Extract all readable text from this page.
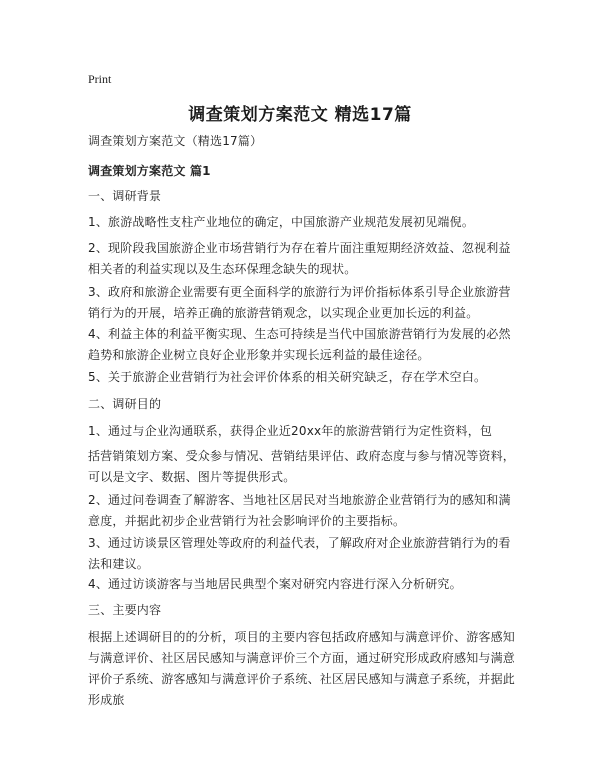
Print
调查策划方案范文 精选17篇
调查策划方案范文（精选17篇）
调查策划方案范文 篇1
一、调研背景
1、旅游战略性支柱产业地位的确定，中国旅游产业规范发展初见端倪。
2、现阶段我国旅游企业市场营销行为存在着片面注重短期经济效益、忽视利益相关者的利益实现以及生态环保理念缺失的现状。
3、政府和旅游企业需要有更全面科学的旅游行为评价指标体系引导企业旅游营销行为的开展，培养正确的旅游营销观念，以实现企业更加长远的利益。
4、利益主体的利益平衡实现、生态可持续是当代中国旅游营销行为发展的必然趋势和旅游企业树立良好企业形象并实现长远利益的最佳途径。
5、关于旅游企业营销行为社会评价体系的相关研究缺乏，存在学术空白。
二、调研目的
1、通过与企业沟通联系，获得企业近20xx年的旅游营销行为定性资料，包
括营销策划方案、受众参与情况、营销结果评估、政府态度与参与情况等资料，可以是文字、数据、图片等提供形式。
2、通过问卷调查了解游客、当地社区居民对当地旅游企业营销行为的感知和满意度，并据此初步企业营销行为社会影响评价的主要指标。
3、通过访谈景区管理处等政府的利益代表，了解政府对企业旅游营销行为的看法和建议。
4、通过访谈游客与当地居民典型个案对研究内容进行深入分析研究。
三、主要内容
根据上述调研目的的分析，项目的主要内容包括政府感知与满意评价、游客感知与满意评价、社区居民感知与满意评价三个方面，通过研究形成政府感知与满意评价子系统、游客感知与满意评价子系统、社区居民感知与满意子系统，并据此形成旅
